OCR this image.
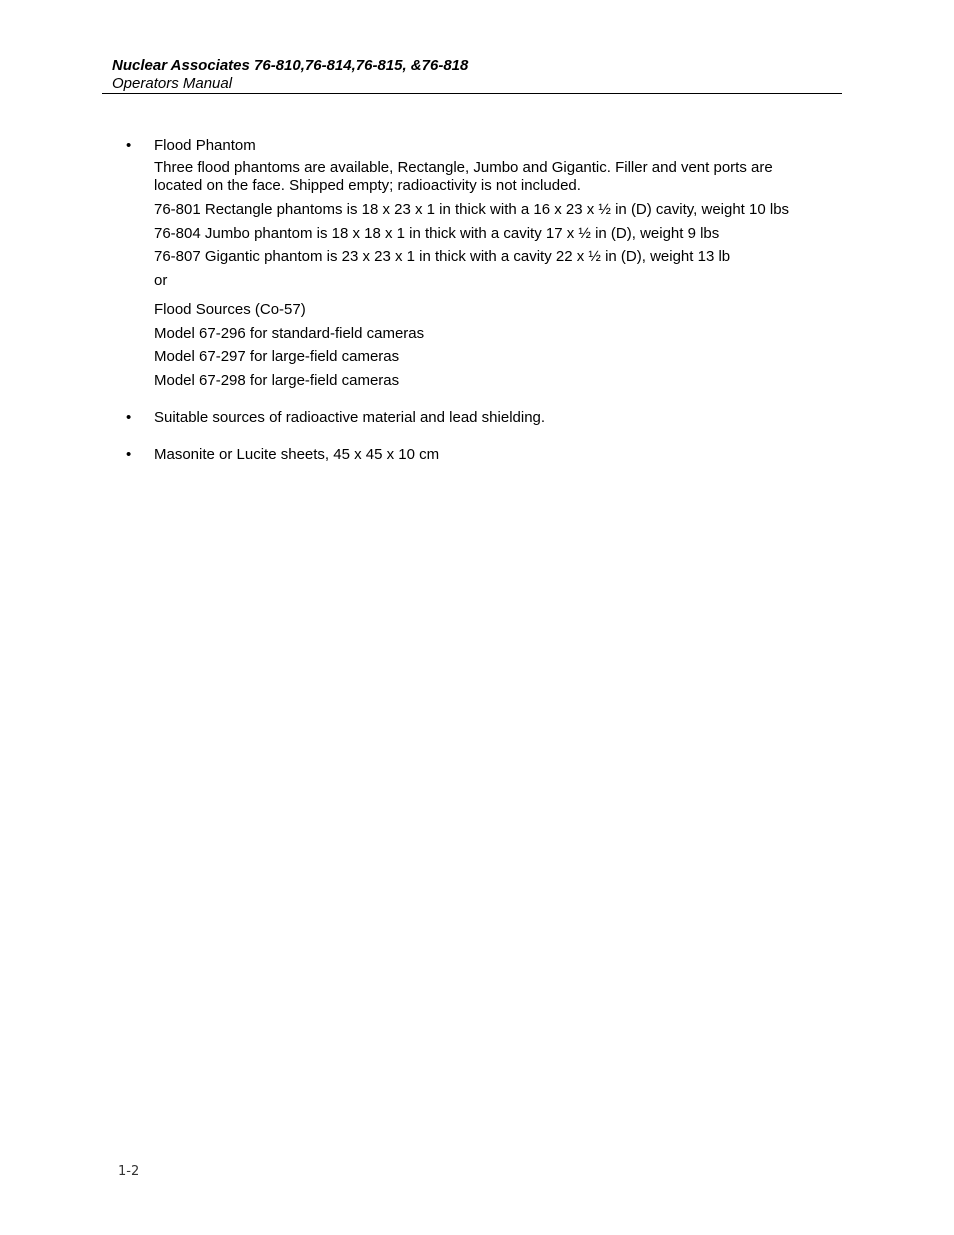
Nuclear Associates 76-810,76-814,76-815, &76-818
Operators Manual
•	Flood Phantom
Three flood phantoms are available, Rectangle, Jumbo and Gigantic. Filler and vent ports are located on the face. Shipped empty; radioactivity is not included.
76-801 Rectangle phantoms is 18 x 23 x 1 in thick with a 16 x 23 x ½ in (D) cavity, weight 10 lbs
76-804 Jumbo phantom is 18 x 18 x 1 in thick with a cavity 17 x ½ in (D), weight 9 lbs
76-807 Gigantic phantom is 23 x 23 x 1 in thick with a cavity 22 x ½ in (D), weight 13 lb
or
Flood Sources (Co-57)
Model 67-296 for standard-field cameras
Model 67-297 for large-field cameras
Model 67-298 for large-field cameras
•	Suitable sources of radioactive material and lead shielding.
•	Masonite or Lucite sheets, 45 x 45 x 10 cm
1-2
